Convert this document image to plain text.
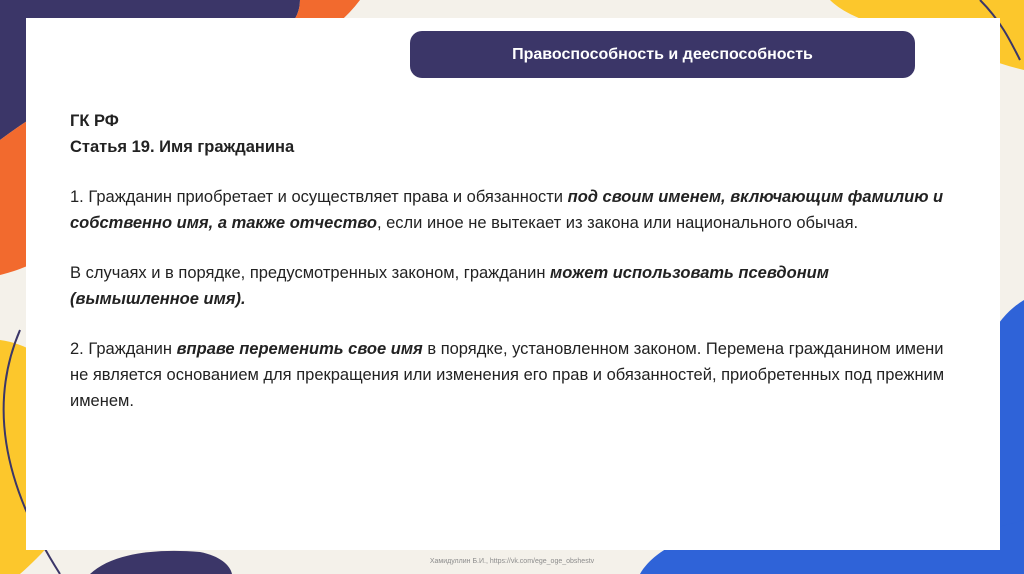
Правоспособность и дееспособность

ГК РФ

Статья 19. Имя гражданина

1. Гражданин приобретает и осуществляет права и обязанности под своим именем, включающим фамилию и собственно имя, а также отчество, если иное не вытекает из закона или национального обычая.

В случаях и в порядке, предусмотренных законом, гражданин может использовать псевдоним (вымышленное имя).

2. Гражданин вправе переменить свое имя в порядке, установленном законом. Перемена гражданином имени не является основанием для прекращения или изменения его прав и обязанностей, приобретенных под прежним именем.

Хамидуллин Б.И., https://vk.com/ege_oge_obshestv
